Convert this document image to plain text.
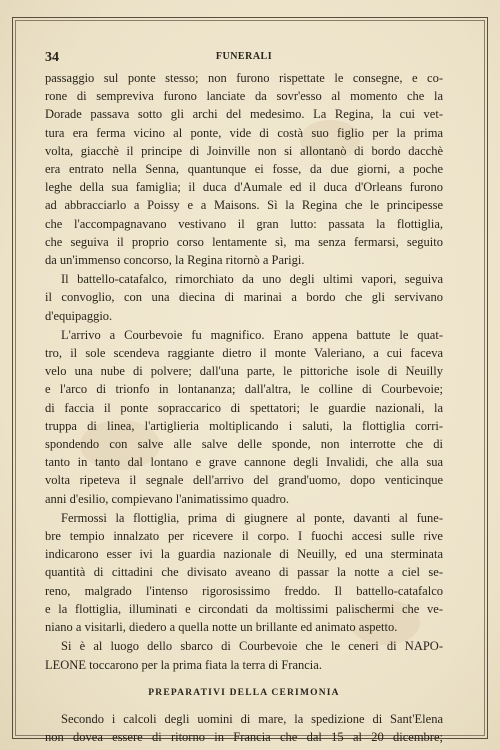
34	FUNERALI
passaggio sul ponte stesso; non furono rispettate le consegne, e co-
rone di sempreviva furono lanciate da sovr'esso al momento che la
Dorade passava sotto gli archi del medesimo. La Regina, la cui vet-
tura era ferma vicino al ponte, vide di costà suo figlio per la prima
volta, giacchè il principe di Joinville non si allontanò di bordo dacchè
era entrato nella Senna, quantunque ei fosse, da due giorni, a poche
leghe della sua famiglia; il duca d'Aumale ed il duca d'Orleans furono
ad abbracciarlo a Poissy e a Maisons. Sì la Regina che le principesse
che l'accompagnavano vestivano il gran lutto: passata la flottiglia,
che seguiva il proprio corso lentamente sì, ma senza fermarsi, seguito
da un'immenso concorso, la Regina ritornò a Parigi.
Il battello-catafalco, rimorchiato da uno degli ultimi vapori, seguiva
il convoglio, con una diecina di marinai a bordo che gli servivano
d'equipaggio.
L'arrivo a Courbevoie fu magnifico. Erano appena battute le quat-
tro, il sole scendeva raggiante dietro il monte Valeriano, a cui faceva
velo una nube di polvere; dall'una parte, le pittoriche isole di Neuilly
e l'arco di trionfo in lontananza; dall'altra, le colline di Courbevoie;
di faccia il ponte sopraccarico di spettatori; le guardie nazionali, la
truppa di linea, l'artiglieria moltiplicando i saluti, la flottiglia corri-
spondendo con salve alle salve delle sponde, non interrotte che di
tanto in tanto dal lontano e grave cannone degli Invalidi, che alla sua
volta ripeteva il segnale dell'arrivo del grand'uomo, dopo venticinque
anni d'esilio, compievano l'animatissimo quadro.
Fermossi la flottiglia, prima di giugnere al ponte, davanti al fune-
bre tempio innalzato per ricevere il corpo. I fuochi accesi sulle rive
indicarono esser ivi la guardia nazionale di Neuilly, ed una sterminata
quantità di cittadini che divisato aveano di passar la notte a ciel se-
reno, malgrado l'intenso rigorosissimo freddo. Il battello-catafalco
e la flottiglia, illuminati e circondati da moltissimi palischermi che ve-
niano a visitarli, diedero a quella notte un brillante ed animato aspetto.
Si è al luogo dello sbarco di Courbevoie che le ceneri di NAPO-
LEONE toccarono per la prima fiata la terra di Francia.
PREPARATIVI DELLA CERIMONIA
Secondo i calcoli degli uomini di mare, la spedizione di Sant'Elena
non dovea essere di ritorno in Francia che dal 15 al 20 dicembre;
